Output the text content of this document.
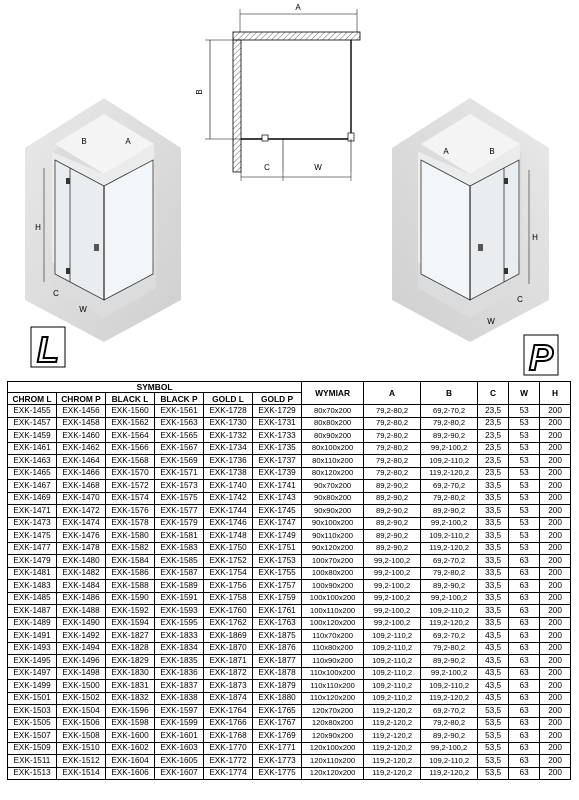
A
B
C	W
B	A
H
C
W
L
A	B
H
C
W
P
SYMBOL						WYMIAR	A	B	C	W	H
CHROM L	CHROM P	BLACK L	BLACK P	GOLD L	GOLD P						
EXK-1455	EXK-1456	EXK-1560	EXK-1561	EXK-1728	EXK-1729	80x70x200	79,2-80,2	69,2-70,2	23,5	53	200
EXK-1457	EXK-1458	EXK-1562	EXK-1563	EXK-1730	EXK-1731	80x80x200	79,2-80,2	79,2-80,2	23,5	53	200
EXK-1459	EXK-1460	EXK-1564	EXK-1565	EXK-1732	EXK-1733	80x90x200	79,2-80,2	89,2-90,2	23,5	53	200
EXK-1461	EXK-1462	EXK-1566	EXK-1567	EXK-1734	EXK-1735	80x100x200	79,2-80,2	99,2-100,2	23,5	53	200
EXK-1463	EXK-1464	EXK-1568	EXK-1569	EXK-1736	EXK-1737	80x110x200	79,2-80,2	109,2-110,2	23,5	53	200
EXK-1465	EXK-1466	EXK-1570	EXK-1571	EXK-1738	EXK-1739	80x120x200	79,2-80,2	119,2-120,2	23,5	53	200
EXK-1467	EXK-1468	EXK-1572	EXK-1573	EXK-1740	EXK-1741	90x70x200	89,2-90,2	69,2-70,2	33,5	53	200
EXK-1469	EXK-1470	EXK-1574	EXK-1575	EXK-1742	EXK-1743	90x80x200	89,2-90,2	79,2-80,2	33,5	53	200
EXK-1471	EXK-1472	EXK-1576	EXK-1577	EXK-1744	EXK-1745	90x90x200	89,2-90,2	89,2-90,2	33,5	53	200
EXK-1473	EXK-1474	EXK-1578	EXK-1579	EXK-1746	EXK-1747	90x100x200	89,2-90,2	99,2-100,2	33,5	53	200
EXK-1475	EXK-1476	EXK-1580	EXK-1581	EXK-1748	EXK-1749	90x110x200	89,2-90,2	109,2-110,2	33,5	53	200
EXK-1477	EXK-1478	EXK-1582	EXK-1583	EXK-1750	EXK-1751	90x120x200	89,2-90,2	119,2-120,2	33,5	53	200
EXK-1479	EXK-1480	EXK-1584	EXK-1585	EXK-1752	EXK-1753	100x70x200	99,2-100,2	69,2-70,2	33,5	63	200
EXK-1481	EXK-1482	EXK-1586	EXK-1587	EXK-1754	EXK-1755	100x80x200	99,2-100,2	79,2-80,2	33,5	63	200
EXK-1483	EXK-1484	EXK-1588	EXK-1589	EXK-1756	EXK-1757	100x90x200	99,2-100,2	89,2-90,2	33,5	63	200
EXK-1485	EXK-1486	EXK-1590	EXK-1591	EXK-1758	EXK-1759	100x100x200	99,2-100,2	99,2-100,2	33,5	63	200
EXK-1487	EXK-1488	EXK-1592	EXK-1593	EXK-1760	EXK-1761	100x110x200	99,2-100,2	109,2-110,2	33,5	63	200
EXK-1489	EXK-1490	EXK-1594	EXK-1595	EXK-1762	EXK-1763	100x120x200	99,2-100,2	119,2-120,2	33,5	63	200
EXK-1491	EXK-1492	EXK-1827	EXK-1833	EXK-1869	EXK-1875	110x70x200	109,2-110,2	69,2-70,2	43,5	63	200
EXK-1493	EXK-1494	EXK-1828	EXK-1834	EXK-1870	EXK-1876	110x80x200	109,2-110,2	79,2-80,2	43,5	63	200
EXK-1495	EXK-1496	EXK-1829	EXK-1835	EXK-1871	EXK-1877	110x90x200	109,2-110,2	89,2-90,2	43,5	63	200
EXK-1497	EXK-1498	EXK-1830	EXK-1836	EXK-1872	EXK-1878	110x100x200	109,2-110,2	99,2-100,2	43,5	63	200
EXK-1499	EXK-1500	EXK-1831	EXK-1837	EXK-1873	EXK-1879	110x110x200	109,2-110,2	109,2-110,2	43,5	63	200
EXK-1501	EXK-1502	EXK-1832	EXK-1838	EXK-1874	EXK-1880	110x120x200	109,2-110,2	119,2-120,2	43,5	63	200
EXK-1503	EXK-1504	EXK-1596	EXK-1597	EXK-1764	EXK-1765	120x70x200	119,2-120,2	69,2-70,2	53,5	63	200
EXK-1505	EXK-1506	EXK-1598	EXK-1599	EXK-1766	EXK-1767	120x80x200	119,2-120,2	79,2-80,2	53,5	63	200
EXK-1507	EXK-1508	EXK-1600	EXK-1601	EXK-1768	EXK-1769	120x90x200	119,2-120,2	89,2-90,2	53,5	63	200
EXK-1509	EXK-1510	EXK-1602	EXK-1603	EXK-1770	EXK-1771	120x100x200	119,2-120,2	99,2-100,2	53,5	63	200
EXK-1511	EXK-1512	EXK-1604	EXK-1605	EXK-1772	EXK-1773	120x110x200	119,2-120,2	109,2-110,2	53,5	63	200
EXK-1513	EXK-1514	EXK-1606	EXK-1607	EXK-1774	EXK-1775	120x120x200	119,2-120,2	119,2-120,2	53,5	63	200
